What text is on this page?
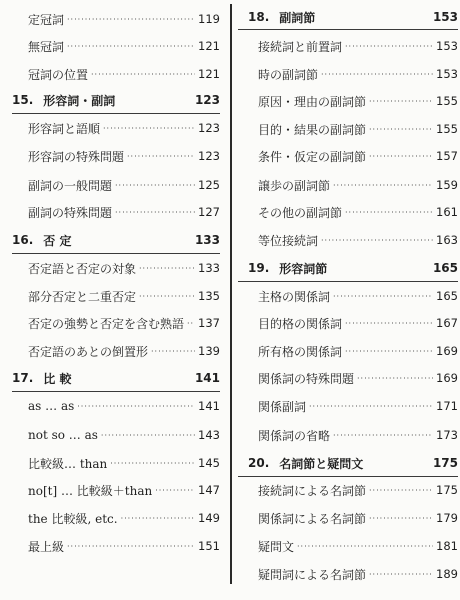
定冠詞 ·····	119
無冠詞 ·····	121
冠詞の位置 ·····	121
15. 形容詞・副詞	123
形容詞と語順 ·····	123
形容詞の特殊問題 ·····	123
副詞の一般問題 ·····	125
副詞の特殊問題 ·····	127
16. 否 定	133
否定語と否定の対象 ·····	133
部分否定と二重否定 ·····	135
否定の強勢と否定を含む熟語 ····· 137
否定語のあとの倒置形 ·····	139
17. 比 較	141
as … as ·····	141
not so … as ·····	143
比較級… than ·····	145
no[t] … 比較級＋than ·····	147
the 比較級, etc. ·····	149
最上級 ·····	151
18. 副詞節	153
接続詞と前置詞 ·····	153
時の副詞節 ·····	153
原因・理由の副詞節 ·····	155
目的・結果の副詞節 ·····	155
条件・仮定の副詞節 ·····	157
譲歩の副詞節 ·····	159
その他の副詞節 ·····	161
等位接続詞 ·····	163
19. 形容詞節	165
主格の関係詞 ·····	165
目的格の関係詞 ·····	167
所有格の関係詞 ·····	169
関係詞の特殊問題 ·····	169
関係副詞 ·····	171
関係詞の省略 ·····	173
20. 名詞節と疑問文	175
接続詞による名詞節 ·····	175
関係詞による名詞節 ·····	179
疑問文 ·····	181
疑問詞による名詞節 ·····	189
